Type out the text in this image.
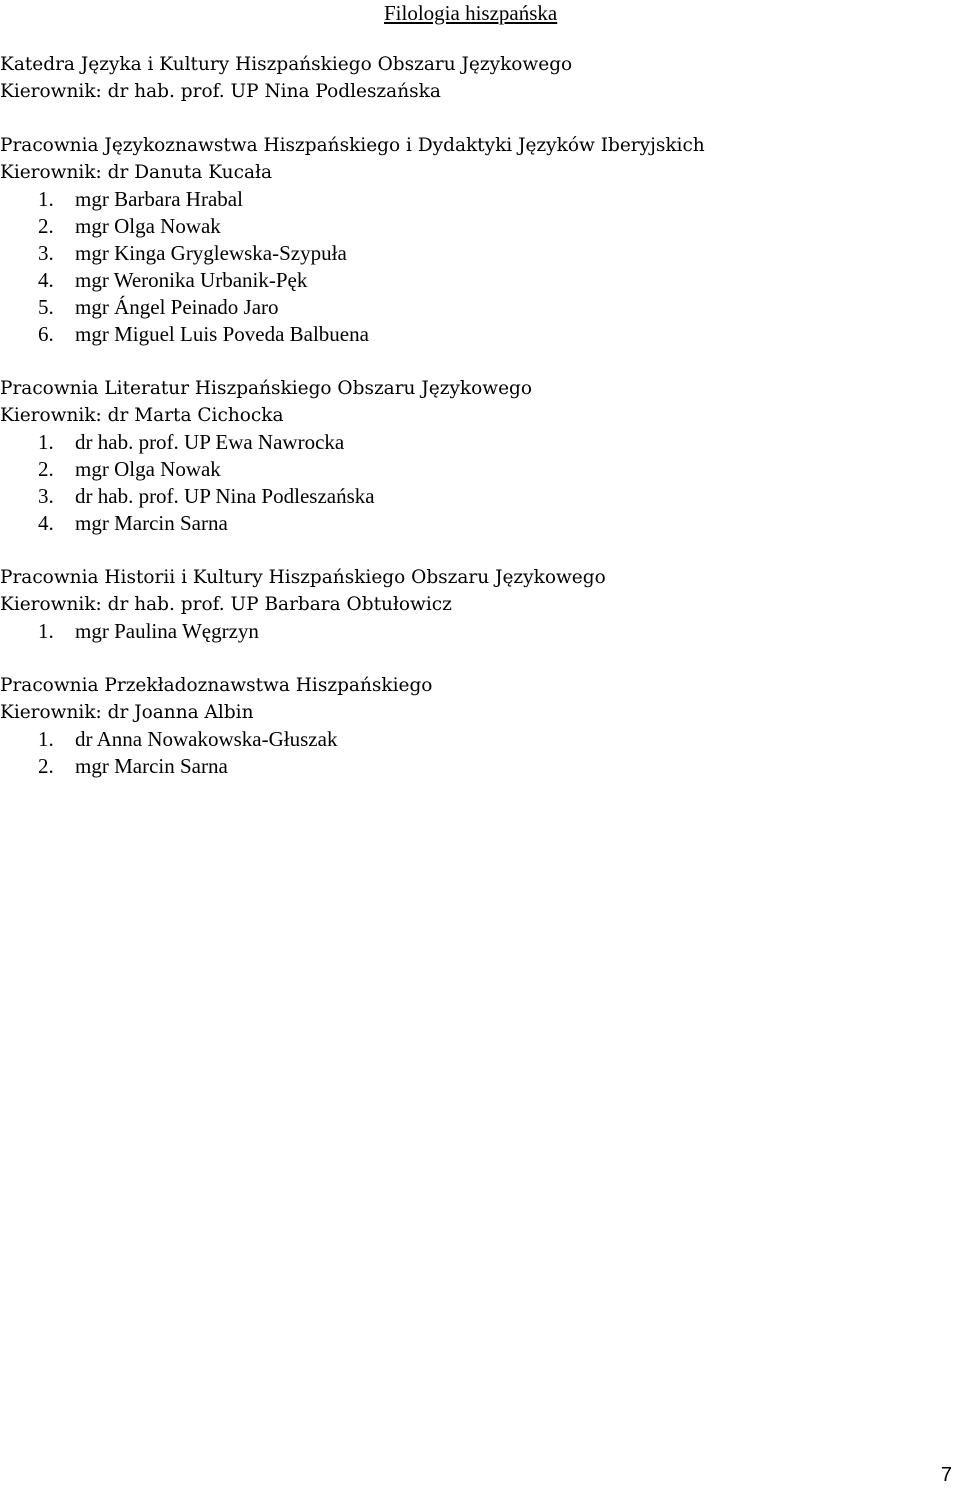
Filologia hiszpańska
Katedra Języka i Kultury Hiszpańskiego Obszaru Językowego
Kierownik: dr hab. prof. UP Nina Podleszańska
Pracownia Językoznawstwa Hiszpańskiego i Dydaktyki Języków Iberyjskich
Kierownik: dr Danuta Kucała
1. mgr Barbara Hrabal
2. mgr Olga Nowak
3. mgr Kinga Gryglewska-Szypuła
4. mgr Weronika Urbanik-Pęk
5. mgr Ángel Peinado Jaro
6. mgr Miguel Luis Poveda Balbuena
Pracownia Literatur Hiszpańskiego Obszaru Językowego
Kierownik: dr Marta Cichocka
1. dr hab. prof. UP Ewa Nawrocka
2. mgr Olga Nowak
3. dr hab. prof. UP Nina Podleszańska
4. mgr Marcin Sarna
Pracownia Historii i Kultury Hiszpańskiego Obszaru Językowego
Kierownik: dr hab. prof. UP Barbara Obtułowicz
1. mgr Paulina Węgrzyn
Pracownia Przekładoznawstwa Hiszpańskiego
Kierownik: dr Joanna Albin
1. dr Anna Nowakowska-Głuszak
2. mgr Marcin Sarna
7
